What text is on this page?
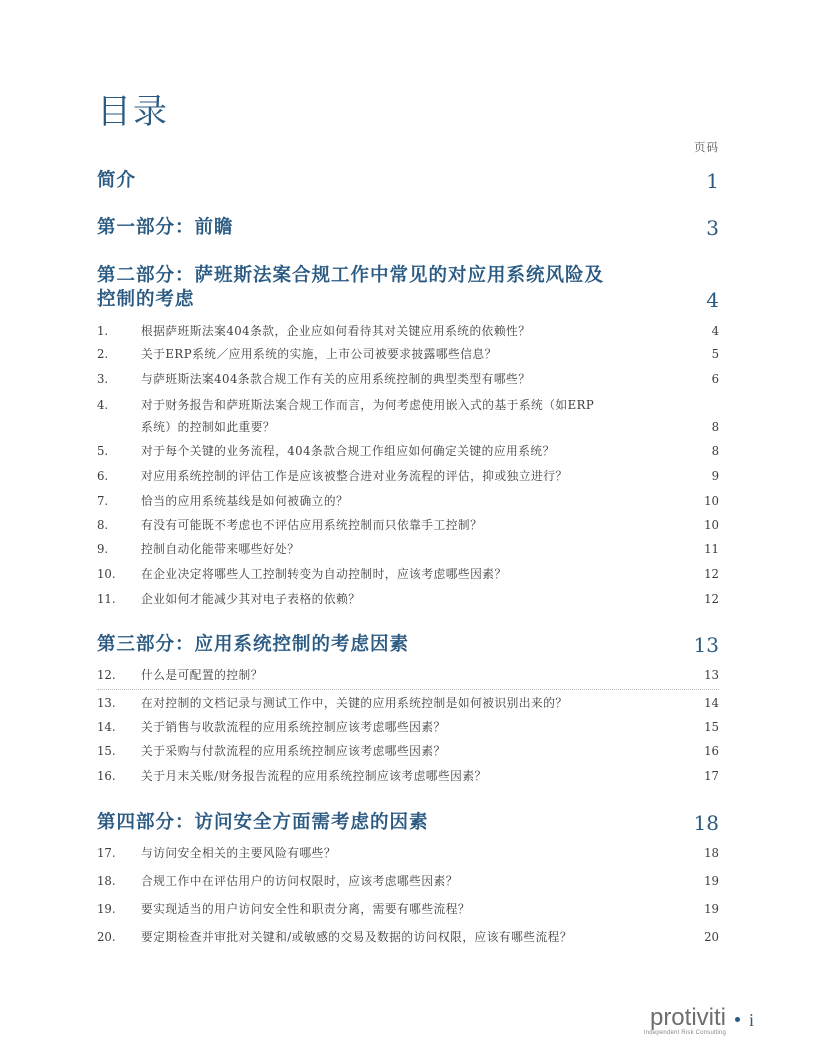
目录
页码
简介	1
第一部分：前瞻	3
第二部分：萨班斯法案合规工作中常见的对应用系统风险及
控制的考虑	4
1.	根据萨班斯法案404条款，企业应如何看待其对关键应用系统的依赖性？	4
2.	关于ERP系统／应用系统的实施，上市公司被要求披露哪些信息？	5
3.	与萨班斯法案404条款合规工作有关的应用系统控制的典型类型有哪些？	6
4.	对于财务报告和萨班斯法案合规工作而言，为何考虑使用嵌入式的基于系统（如ERP
系统）的控制如此重要？	8
5.	对于每个关键的业务流程，404条款合规工作组应如何确定关键的应用系统？	8
6.	对应用系统控制的评估工作是应该被整合进对业务流程的评估，抑或独立进行？	9
7.	恰当的应用系统基线是如何被确立的？	10
8.	有没有可能既不考虑也不评估应用系统控制而只依靠手工控制？	10
9.	控制自动化能带来哪些好处？	11
10.	在企业决定将哪些人工控制转变为自动控制时，应该考虑哪些因素？	12
11.	企业如何才能减少其对电子表格的依赖？	12
第三部分：应用系统控制的考虑因素	13
12.	什么是可配置的控制？	13
13.	在对控制的文档记录与测试工作中，关键的应用系统控制是如何被识别出来的？	14
14.	关于销售与收款流程的应用系统控制应该考虑哪些因素？	15
15.	关于采购与付款流程的应用系统控制应该考虑哪些因素？	16
16.	关于月末关账/财务报告流程的应用系统控制应该考虑哪些因素？	17
第四部分：访问安全方面需考虑的因素	18
17.	与访问安全相关的主要风险有哪些？	18
18.	合规工作中在评估用户的访问权限时，应该考虑哪些因素？	19
19.	要实现适当的用户访问安全性和职责分离，需要有哪些流程？	19
20.	要定期检查并审批对关键和/或敏感的交易及数据的访问权限，应该有哪些流程？	20
protiviti
Independent Risk Consulting
i
